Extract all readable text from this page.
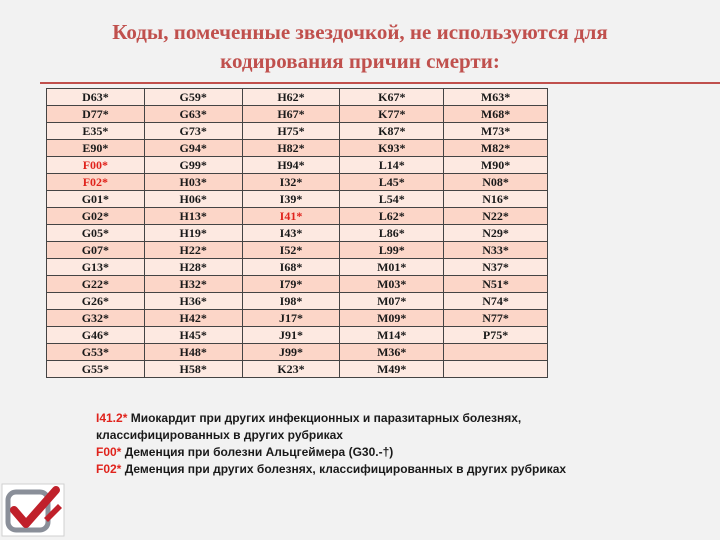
Коды, помеченные звездочкой, не используются для
кодирования причин смерти:
D63*	G59*	H62*	K67*	M63*
D77*	G63*	H67*	K77*	M68*
E35*	G73*	H75*	K87*	M73*
E90*	G94*	H82*	K93*	M82*
F00*	G99*	H94*	L14*	M90*
F02*	H03*	I32*	L45*	N08*
G01*	H06*	I39*	L54*	N16*
G02*	H13*	I41*	L62*	N22*
G05*	H19*	I43*	L86*	N29*
G07*	H22*	I52*	L99*	N33*
G13*	H28*	I68*	M01*	N37*
G22*	H32*	I79*	M03*	N51*
G26*	H36*	I98*	M07*	N74*
G32*	H42*	J17*	M09*	N77*
G46*	H45*	J91*	M14*	P75*
G53*	H48*	J99*	M36*	
G55*	H58*	K23*	M49*	
I41.2* Миокардит при других инфекционных и паразитарных болезнях, классифицированных в других рубриках
F00* Деменция при болезни Альцгеймера (G30.-†)
F02* Деменция при других болезнях, классифицированных в других рубриках
